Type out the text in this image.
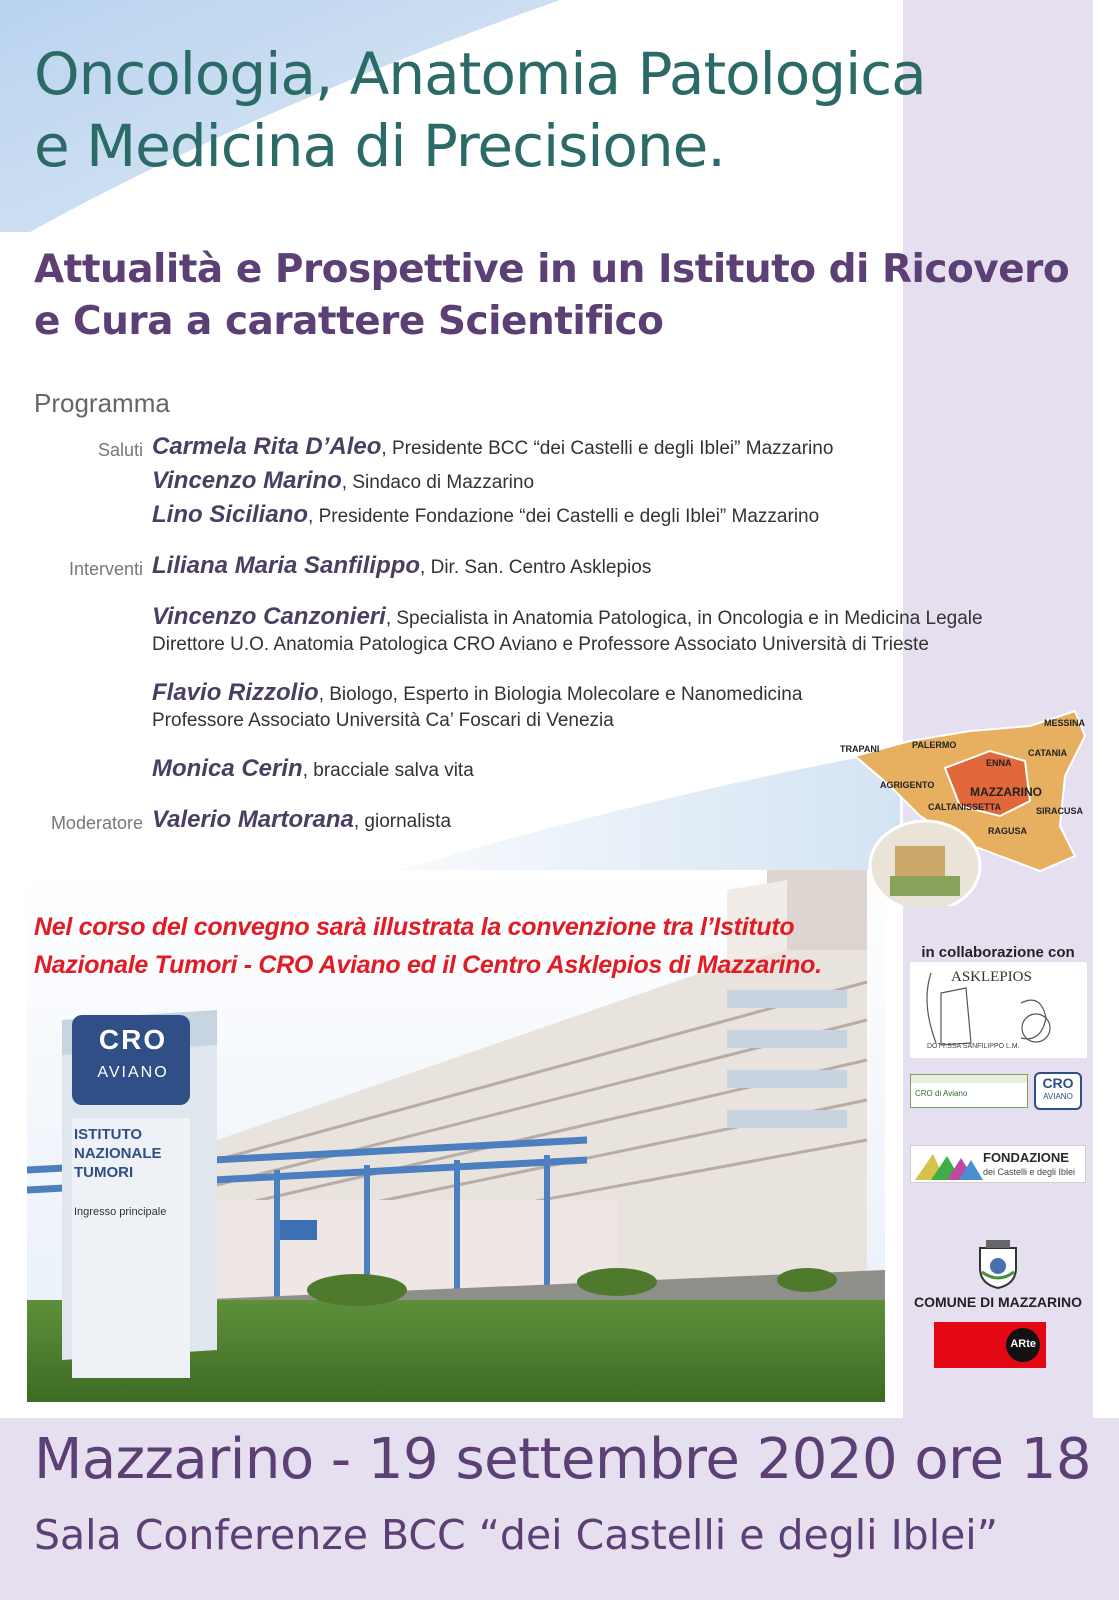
Oncologia, Anatomia Patologica
e Medicina di Precisione.
Attualità e Prospettive in un Istituto di Ricovero
e Cura a carattere Scientifico
Programma
Saluti Carmela Rita D’Aleo, Presidente BCC “dei Castelli e degli Iblei” Mazzarino
Vincenzo Marino, Sindaco di Mazzarino
Lino Siciliano, Presidente Fondazione “dei Castelli e degli Iblei” Mazzarino
Interventi Liliana Maria Sanfilippo, Dir. San. Centro Asklepios
Vincenzo Canzonieri, Specialista in Anatomia Patologica, in Oncologia e in Medicina Legale
Direttore U.O. Anatomia Patologica CRO Aviano e Professore Associato Università di Trieste
Flavio Rizzolio, Biologo, Esperto in Biologia Molecolare e Nanomedicina
Professore Associato Università Ca’ Foscari di Venezia
Monica Cerin, bracciale salva vita
Moderatore Valerio Martorana, giornalista
CRO
AVIANO
ISTITUTO
NAZIONALE
TUMORI
Ingresso principale
Nel corso del convegno sarà illustrata la convenzione tra l’Istituto
Nazionale Tumori - CRO Aviano ed il Centro Asklepios di Mazzarino.
MESSINA
TRAPANI	PALERMO
CATANIA
ENNA
AGRIGENTO	MAZZARINO
CALTANISSETTA	SIRACUSA
RAGUSA
in collaborazione con
ASKLEPIOS
DOTT.SSA SANFILIPPO L.M.
CRO di Aviano
CRO
AVIANO
FONDAZIONE
dei Castelli e degli Iblei
COMUNE DI MAZZARINO
ARte
Mazzarino - 19 settembre 2020 ore 18
Sala Conferenze BCC “dei Castelli e degli Iblei”
